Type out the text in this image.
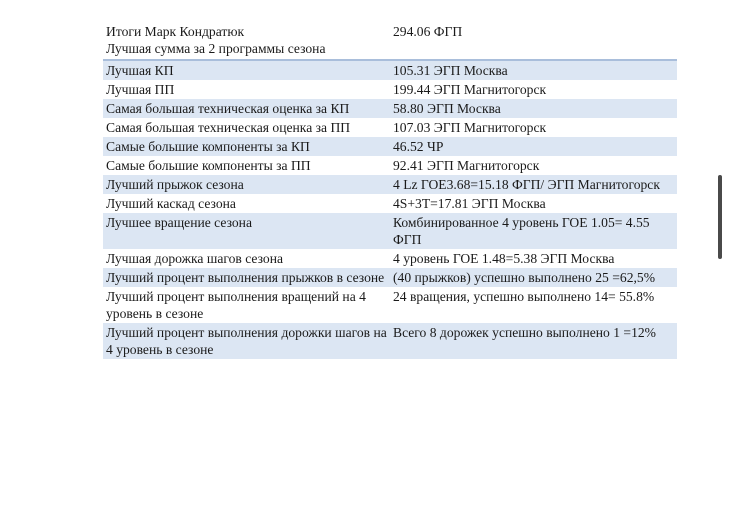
Итоги Марк Кондратюк
Лучшая сумма за 2 программы сезона	294.06 ФГП

Лучшая КП	105.31 ЭГП Москва
Лучшая ПП	199.44 ЭГП Магнитогорск
Самая большая техническая оценка за КП	58.80 ЭГП Москва
Самая большая техническая оценка за ПП	107.03 ЭГП Магнитогорск
Самые большие компоненты за КП	46.52 ЧР
Самые большие компоненты за ПП	92.41 ЭГП Магнитогорск
Лучший прыжок сезона	4 Lz ГОЕ3.68=15.18 ФГП/ ЭГП Магнитогорск
Лучший каскад сезона	4S+3T=17.81 ЭГП Москва
Лучшее вращение сезона	Комбинированное 4 уровень ГОЕ 1.05= 4.55 ФГП
Лучшая дорожка шагов сезона	4 уровень ГОЕ 1.48=5.38 ЭГП Москва
Лучший процент выполнения прыжков в сезоне	(40 прыжков) успешно выполнено 25 =62,5%
Лучший процент выполнения вращений на 4 уровень в сезоне	24 вращения, успешно выполнено 14= 55.8%
Лучший процент выполнения дорожки шагов на 4 уровень в сезоне	Всего 8 дорожек успешно выполнено 1 =12%
